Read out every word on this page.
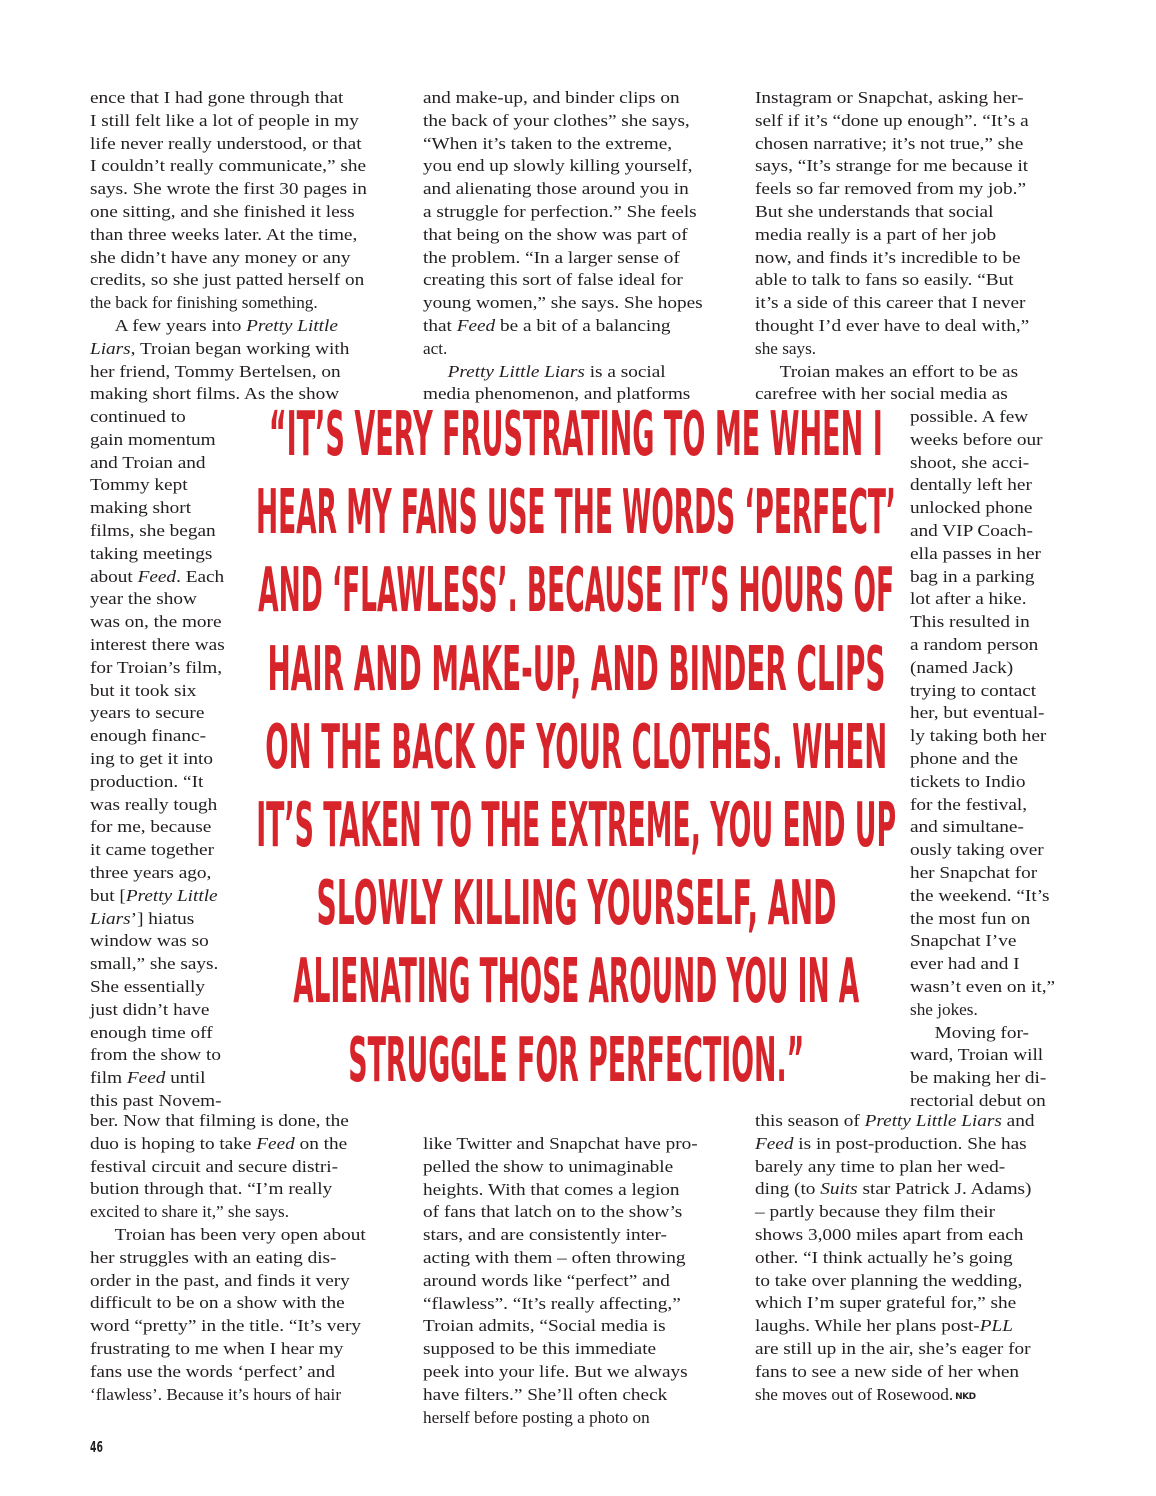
ence that I had gone through that
I still felt like a lot of people in my
life never really understood, or that
I couldn’t really communicate,” she
says. She wrote the first 30 pages in
one sitting, and she finished it less
than three weeks later. At the time,
she didn’t have any money or any
credits, so she just patted herself on
the back for finishing something.
A few years into Pretty Little
Liars, Troian began working with
her friend, Tommy Bertelsen, on
making short films. As the show
continued to
gain momentum
and Troian and
Tommy kept
making short
films, she began
taking meetings
about Feed. Each
year the show
was on, the more
interest there was
for Troian’s film,
but it took six
years to secure
enough financ-
ing to get it into
production. “It
was really tough
for me, because
it came together
three years ago,
but [Pretty Little
Liars’] hiatus
window was so
small,” she says.
She essentially
just didn’t have
enough time off
from the show to
film Feed until
this past Novem-
ber. Now that filming is done, the
duo is hoping to take Feed on the
festival circuit and secure distri-
bution through that. “I’m really
excited to share it,” she says.
Troian has been very open about
her struggles with an eating dis-
order in the past, and finds it very
difficult to be on a show with the
word “pretty” in the title. “It’s very
frustrating to me when I hear my
fans use the words ‘perfect’ and
‘flawless’. Because it’s hours of hair
and make-up, and binder clips on
the back of your clothes” she says,
“When it’s taken to the extreme,
you end up slowly killing yourself,
and alienating those around you in
a struggle for perfection.” She feels
that being on the show was part of
the problem. “In a larger sense of
creating this sort of false ideal for
young women,” she says. She hopes
that Feed be a bit of a balancing
act.
Pretty Little Liars is a social
media phenomenon, and platforms
like Twitter and Snapchat have pro-
pelled the show to unimaginable
heights. With that comes a legion
of fans that latch on to the show’s
stars, and are consistently inter-
acting with them – often throwing
around words like “perfect” and
“flawless”. “It’s really affecting,”
Troian admits, “Social media is
supposed to be this immediate
peek into your life. But we always
have filters.” She’ll often check
herself before posting a photo on
Instagram or Snapchat, asking her-
self if it’s “done up enough”. “It’s a
chosen narrative; it’s not true,” she
says, “It’s strange for me because it
feels so far removed from my job.”
But she understands that social
media really is a part of her job
now, and finds it’s incredible to be
able to talk to fans so easily. “But
it’s a side of this career that I never
thought I’d ever have to deal with,”
she says.
Troian makes an effort to be as
carefree with her social media as
possible. A few
weeks before our
shoot, she acci-
dentally left her
unlocked phone
and VIP Coach-
ella passes in her
bag in a parking
lot after a hike.
This resulted in
a random person
(named Jack)
trying to contact
her, but eventual-
ly taking both her
phone and the
tickets to Indio
for the festival,
and simultane-
ously taking over
her Snapchat for
the weekend. “It’s
the most fun on
Snapchat I’ve
ever had and I
wasn’t even on it,”
she jokes.
Moving for-
ward, Troian will
be making her di-
rectorial debut on
this season of Pretty Little Liars and
Feed is in post-production. She has
barely any time to plan her wed-
ding (to Suits star Patrick J. Adams)
– partly because they film their
shows 3,000 miles apart from each
other. “I think actually he’s going
to take over planning the wedding,
which I’m super grateful for,” she
laughs. While her plans post-PLL
are still up in the air, she’s eager for
fans to see a new side of her when
she moves out of Rosewood. NKD
“IT’S VERY FRUSTRATING TO ME WHEN I
HEAR MY FANS USE THE WORDS ‘PERFECT’
AND ‘FLAWLESS’. BECAUSE IT’S HOURS OF
HAIR AND MAKE-UP, AND BINDER CLIPS
ON THE BACK OF YOUR CLOTHES. WHEN
IT’S TAKEN TO THE EXTREME, YOU END UP
SLOWLY KILLING YOURSELF, AND
ALIENATING THOSE AROUND YOU IN A
STRUGGLE FOR PERFECTION.”
46
